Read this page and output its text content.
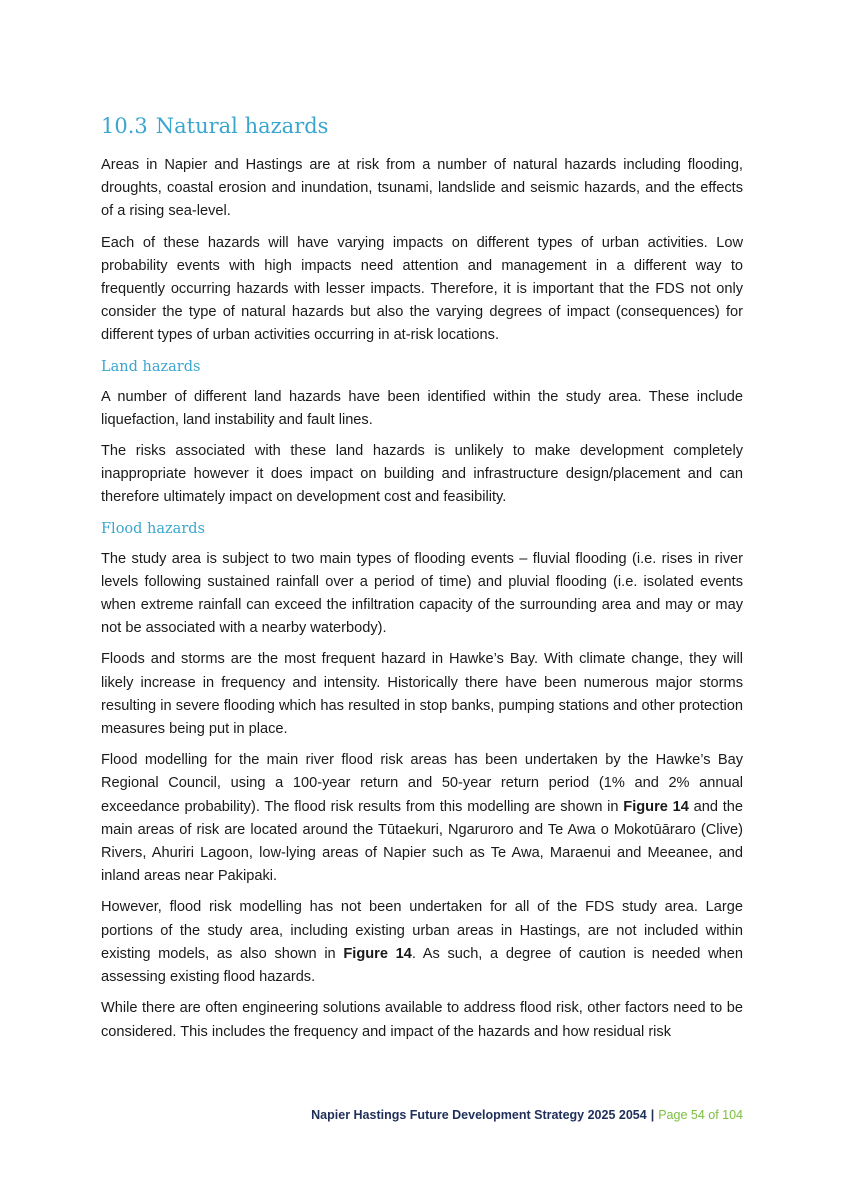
10.3 Natural hazards

Areas in Napier and Hastings are at risk from a number of natural hazards including flooding, droughts, coastal erosion and inundation, tsunami, landslide and seismic hazards, and the effects of a rising sea-level.

Each of these hazards will have varying impacts on different types of urban activities. Low probability events with high impacts need attention and management in a different way to frequently occurring hazards with lesser impacts. Therefore, it is important that the FDS not only consider the type of natural hazards but also the varying degrees of impact (consequences) for different types of urban activities occurring in at-risk locations.

Land hazards

A number of different land hazards have been identified within the study area. These include liquefaction, land instability and fault lines.

The risks associated with these land hazards is unlikely to make development completely inappropriate however it does impact on building and infrastructure design/placement and can therefore ultimately impact on development cost and feasibility.

Flood hazards

The study area is subject to two main types of flooding events – fluvial flooding (i.e. rises in river levels following sustained rainfall over a period of time) and pluvial flooding (i.e. isolated events when extreme rainfall can exceed the infiltration capacity of the surrounding area and may or may not be associated with a nearby waterbody).

Floods and storms are the most frequent hazard in Hawke’s Bay. With climate change, they will likely increase in frequency and intensity. Historically there have been numerous major storms resulting in severe flooding which has resulted in stop banks, pumping stations and other protection measures being put in place.

Flood modelling for the main river flood risk areas has been undertaken by the Hawke’s Bay Regional Council, using a 100-year return and 50-year return period (1% and 2% annual exceedance probability). The flood risk results from this modelling are shown in Figure 14 and the main areas of risk are located around the Tūtaekuri, Ngaruroro and Te Awa o Mokotūāraro (Clive) Rivers, Ahuriri Lagoon, low-lying areas of Napier such as Te Awa, Maraenui and Meeanee, and inland areas near Pakipaki.

However, flood risk modelling has not been undertaken for all of the FDS study area. Large portions of the study area, including existing urban areas in Hastings, are not included within existing models, as also shown in Figure 14. As such, a degree of caution is needed when assessing existing flood hazards.

While there are often engineering solutions available to address flood risk, other factors need to be considered. This includes the frequency and impact of the hazards and how residual risk

Napier Hastings Future Development Strategy 2025 2054 | Page 54 of 104
